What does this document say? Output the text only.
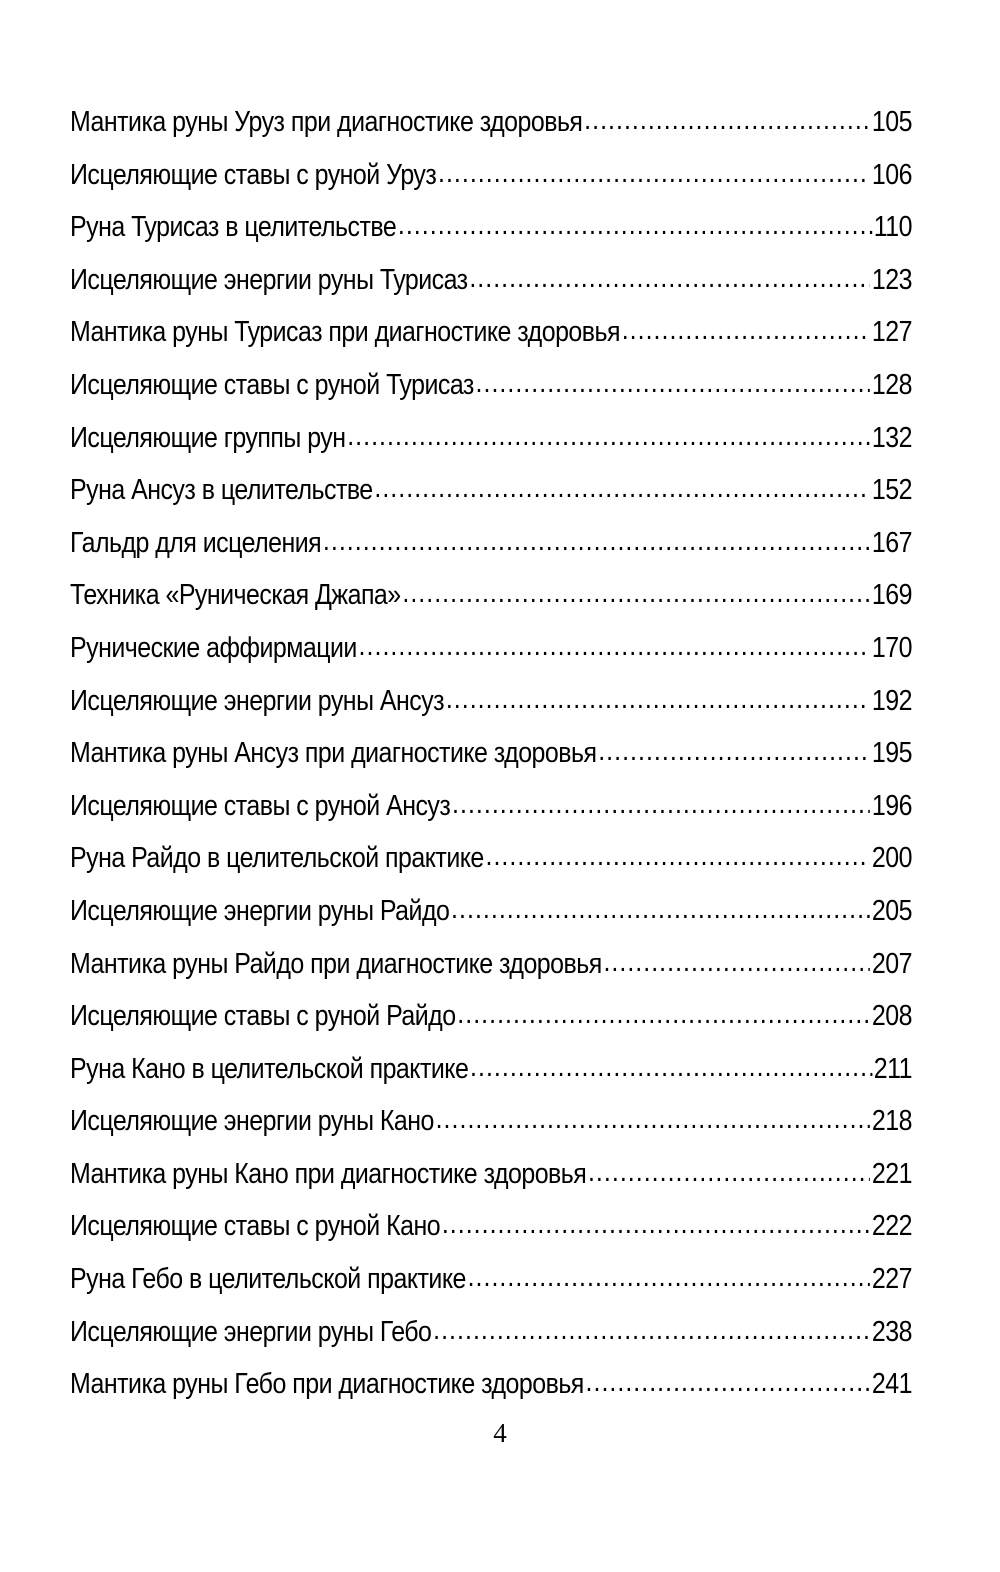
Мантика руны Уруз при диагностике здоровья .....	105
Исцеляющие ставы с руной Уруз .....	106
Руна Турисаз в целительстве .....	110
Исцеляющие энергии руны Турисаз .....	123
Мантика руны Турисаз при диагностике здоровья .....	127
Исцеляющие ставы с руной Турисаз .....	128
Исцеляющие группы рун .....	132
Руна Ансуз в целительстве .....	152
Гальдр для исцеления .....	167
Техника «Руническая Джапа» .....	169
Рунические аффирмации .....	170
Исцеляющие энергии руны Ансуз .....	192
Мантика руны Ансуз при диагностике здоровья .....	195
Исцеляющие ставы с руной Ансуз .....	196
Руна Райдо в целительской практике .....	200
Исцеляющие энергии руны Райдо .....	205
Мантика руны Райдо при диагностике здоровья .....	207
Исцеляющие ставы с руной Райдо .....	208
Руна Кано в целительской практике .....	211
Исцеляющие энергии руны Кано .....	218
Мантика руны Кано при диагностике здоровья .....	221
Исцеляющие ставы с руной Кано .....	222
Руна Гебо в целительской практике .....	227
Исцеляющие энергии руны Гебо .....	238
Мантика руны Гебо при диагностике здоровья .....	241
4
